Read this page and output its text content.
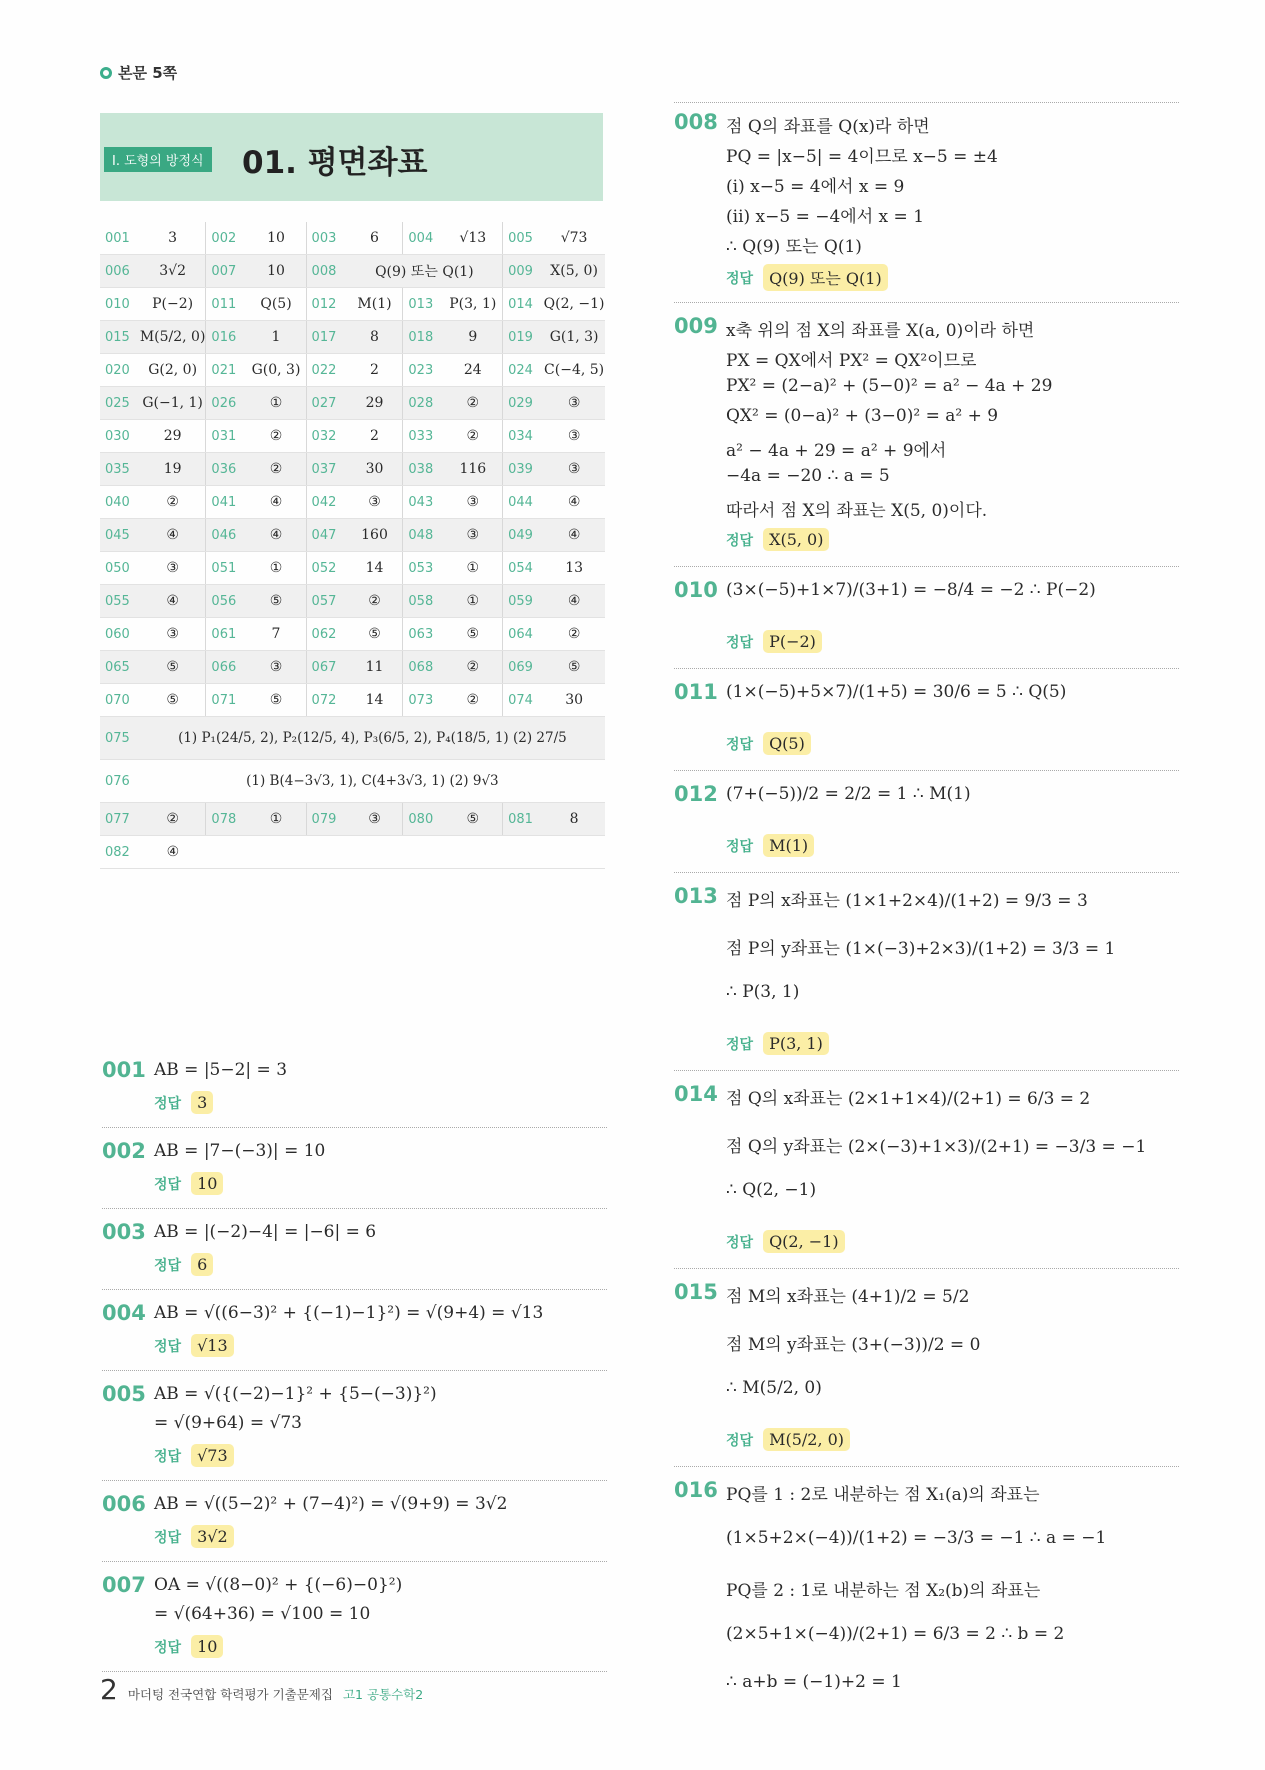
본문 5쪽
I. 도형의 방정식 01. 평면좌표
001	3	002	10	003	6	004	√13	005	√73
006	3√2	007	10	008	Q(9) 또는 Q(1)			009	X(5, 0)
010	P(−2)	011	Q(5)	012	M(1)	013	P(3, 1)	014	Q(2, −1)
015	M(5/2, 0)	016	1	017	8	018	9	019	G(1, 3)
020	G(2, 0)	021	G(0, 3)	022	2	023	24	024	C(−4, 5)
025	G(−1, 1)	026	①	027	29	028	②	029	③
030	29	031	②	032	2	033	②	034	③
035	19	036	②	037	30	038	116	039	③
040	②	041	④	042	③	043	③	044	④
045	④	046	④	047	160	048	③	049	④
050	③	051	①	052	14	053	①	054	13
055	④	056	⑤	057	②	058	①	059	④
060	③	061	7	062	⑤	063	⑤	064	②
065	⑤	066	③	067	11	068	②	069	⑤
070	⑤	071	⑤	072	14	073	②	074	30
075	(1) P₁(24/5, 2), P₂(12/5, 4), P₃(6/5, 2), P₄(18/5, 1) (2) 27/5								
076	(1) B(4−3√3, 1), C(4+3√3, 1) (2) 9√3								
077	②	078	①	079	③	080	⑤	081	8
082	④								
001 AB = |5−2| = 3
정답	3
002 AB = |7−(−3)| = 10
정답	10
003 AB = |(−2)−4| = |−6| = 6
정답	6
004 AB = √((6−3)² + {(−1)−1}²) = √(9+4) = √13
정답	√13
005 AB = √({(−2)−1}² + {5−(−3)}²)
= √(9+64) = √73
정답	√73
006 AB = √((5−2)² + (7−4)²) = √(9+9) = 3√2
정답	3√2
007 OA = √((8−0)² + {(−6)−0}²)
= √(64+36) = √100 = 10
정답	10
008 점 Q의 좌표를 Q(x)라 하면
PQ = |x−5| = 4이므로 x−5 = ±4
(i) x−5 = 4에서 x = 9
(ii) x−5 = −4에서 x = 1
∴ Q(9) 또는 Q(1)
정답	Q(9) 또는 Q(1)
009 x축 위의 점 X의 좌표를 X(a, 0)이라 하면
PX = QX에서 PX² = QX²이므로
PX² = (2−a)² + (5−0)² = a² − 4a + 29
QX² = (0−a)² + (3−0)² = a² + 9
a² − 4a + 29 = a² + 9에서
−4a = −20 ∴ a = 5
따라서 점 X의 좌표는 X(5, 0)이다.
정답	X(5, 0)
010 (3×(−5)+1×7)/(3+1) = −8/4 = −2 ∴ P(−2)
정답	P(−2)
011 (1×(−5)+5×7)/(1+5) = 30/6 = 5 ∴ Q(5)
정답	Q(5)
012 (7+(−5))/2 = 2/2 = 1 ∴ M(1)
정답	M(1)
013 점 P의 x좌표는 (1×1+2×4)/(1+2) = 9/3 = 3
점 P의 y좌표는 (1×(−3)+2×3)/(1+2) = 3/3 = 1
∴ P(3, 1)
정답	P(3, 1)
014 점 Q의 x좌표는 (2×1+1×4)/(2+1) = 6/3 = 2
점 Q의 y좌표는 (2×(−3)+1×3)/(2+1) = −3/3 = −1
∴ Q(2, −1)
정답	Q(2, −1)
015 점 M의 x좌표는 (4+1)/2 = 5/2
점 M의 y좌표는 (3+(−3))/2 = 0
∴ M(5/2, 0)
정답	M(5/2, 0)
016 PQ를 1 : 2로 내분하는 점 X₁(a)의 좌표는
(1×5+2×(−4))/(1+2) = −3/3 = −1 ∴ a = −1
PQ를 2 : 1로 내분하는 점 X₂(b)의 좌표는
(2×5+1×(−4))/(2+1) = 6/3 = 2 ∴ b = 2
∴ a+b = (−1)+2 = 1
2 마더텅 전국연합 학력평가 기출문제집 고1 공통수학2
